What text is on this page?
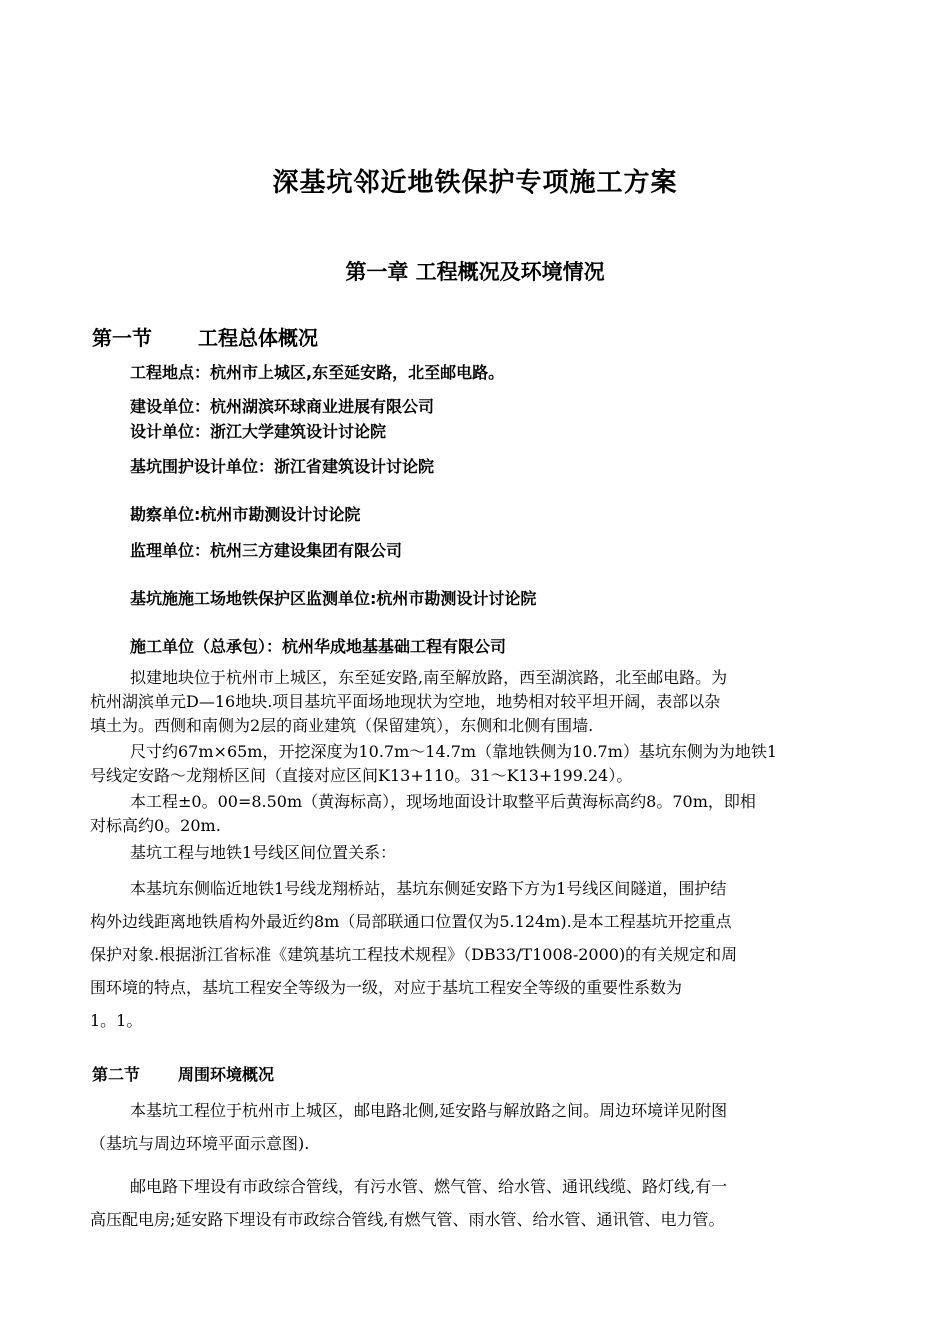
深基坑邻近地铁保护专项施工方案
第一章 工程概况及环境情况
第一节 工程总体概况
工程地点：杭州市上城区,东至延安路，北至邮电路。
建设单位：杭州湖滨环球商业进展有限公司
设计单位：浙江大学建筑设计讨论院
基坑围护设计单位：浙江省建筑设计讨论院
勘察单位:杭州市勘测设计讨论院
监理单位：杭州三方建设集团有限公司
基坑施施工场地铁保护区监测单位:杭州市勘测设计讨论院
施工单位（总承包）：杭州华成地基基础工程有限公司
拟建地块位于杭州市上城区，东至延安路,南至解放路，西至湖滨路，北至邮电路。为
杭州湖滨单元D—16地块.项目基坑平面场地现状为空地，地势相对较平坦开阔，表部以杂
填土为。西侧和南侧为2层的商业建筑（保留建筑），东侧和北侧有围墙.
尺寸约67m×65m，开挖深度为10.7m～14.7m（靠地铁侧为10.7m）基坑东侧为为地铁1
号线定安路～龙翔桥区间（直接对应区间K13+110。31～K13+199.24）。
本工程±0。00=8.50m（黄海标高），现场地面设计取整平后黄海标高约8。70m，即相
对标高约0。20m.
基坑工程与地铁1号线区间位置关系：
本基坑东侧临近地铁1号线龙翔桥站，基坑东侧延安路下方为1号线区间隧道，围护结
构外边线距离地铁盾构外最近约8m（局部联通口位置仅为5.124m).是本工程基坑开挖重点
保护对象.根据浙江省标准《建筑基坑工程技术规程》（DB33/T1008-2000)的有关规定和周
围环境的特点，基坑工程安全等级为一级，对应于基坑工程安全等级的重要性系数为
1。1。
第二节 周围环境概况
本基坑工程位于杭州市上城区，邮电路北侧,延安路与解放路之间。周边环境详见附图
（基坑与周边环境平面示意图).
邮电路下埋设有市政综合管线，有污水管、燃气管、给水管、通讯线缆、路灯线,有一
高压配电房;延安路下埋设有市政综合管线,有燃气管、雨水管、给水管、通讯管、电力管。
